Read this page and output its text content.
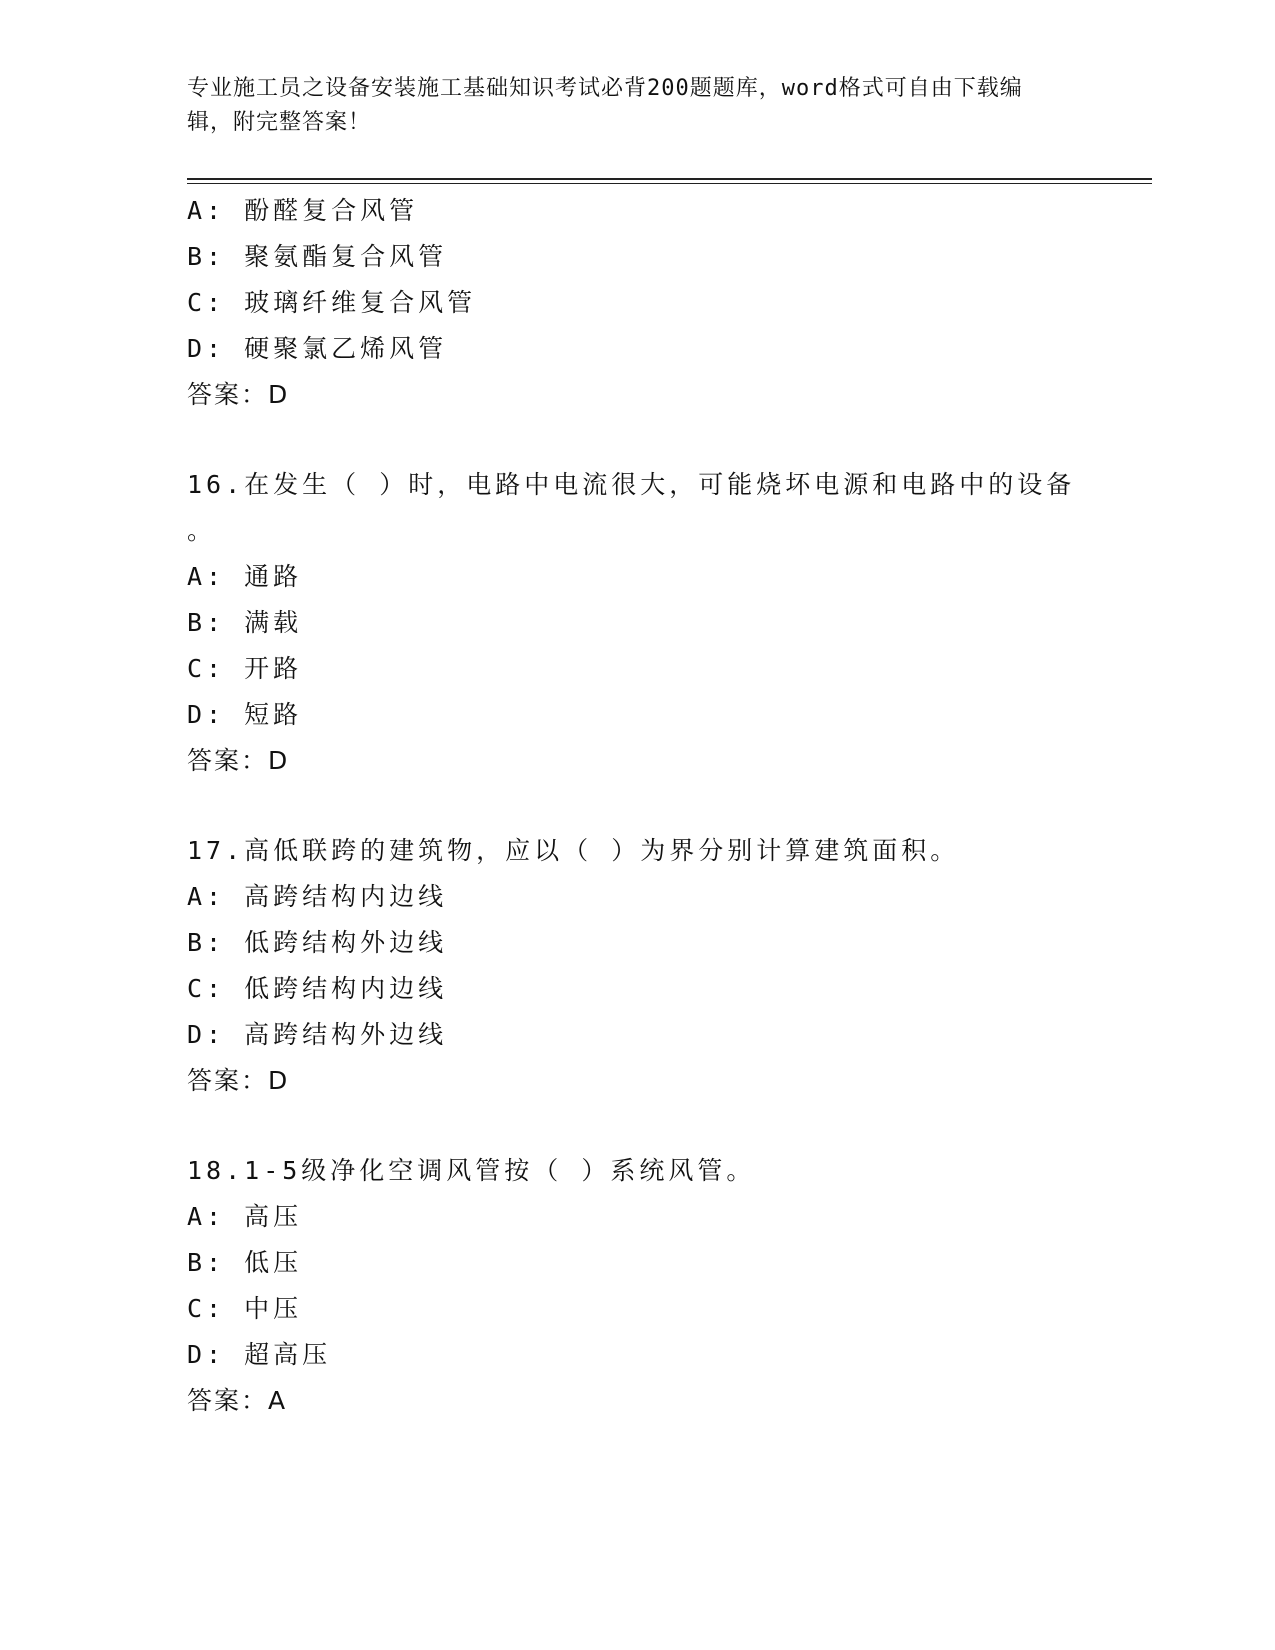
专业施工员之设备安装施工基础知识考试必背200题题库，word格式可自由下载编辑，附完整答案！
A: 酚醛复合风管
B: 聚氨酯复合风管
C: 玻璃纤维复合风管
D: 硬聚氯乙烯风管
答案：D
16.在发生（ ）时，电路中电流很大，可能烧坏电源和电路中的设备
。
A: 通路
B: 满载
C: 开路
D: 短路
答案：D
17.高低联跨的建筑物，应以（ ）为界分别计算建筑面积。
A: 高跨结构内边线
B: 低跨结构外边线
C: 低跨结构内边线
D: 高跨结构外边线
答案：D
18.1-5级净化空调风管按（ ）系统风管。
A: 高压
B: 低压
C: 中压
D: 超高压
答案：A
